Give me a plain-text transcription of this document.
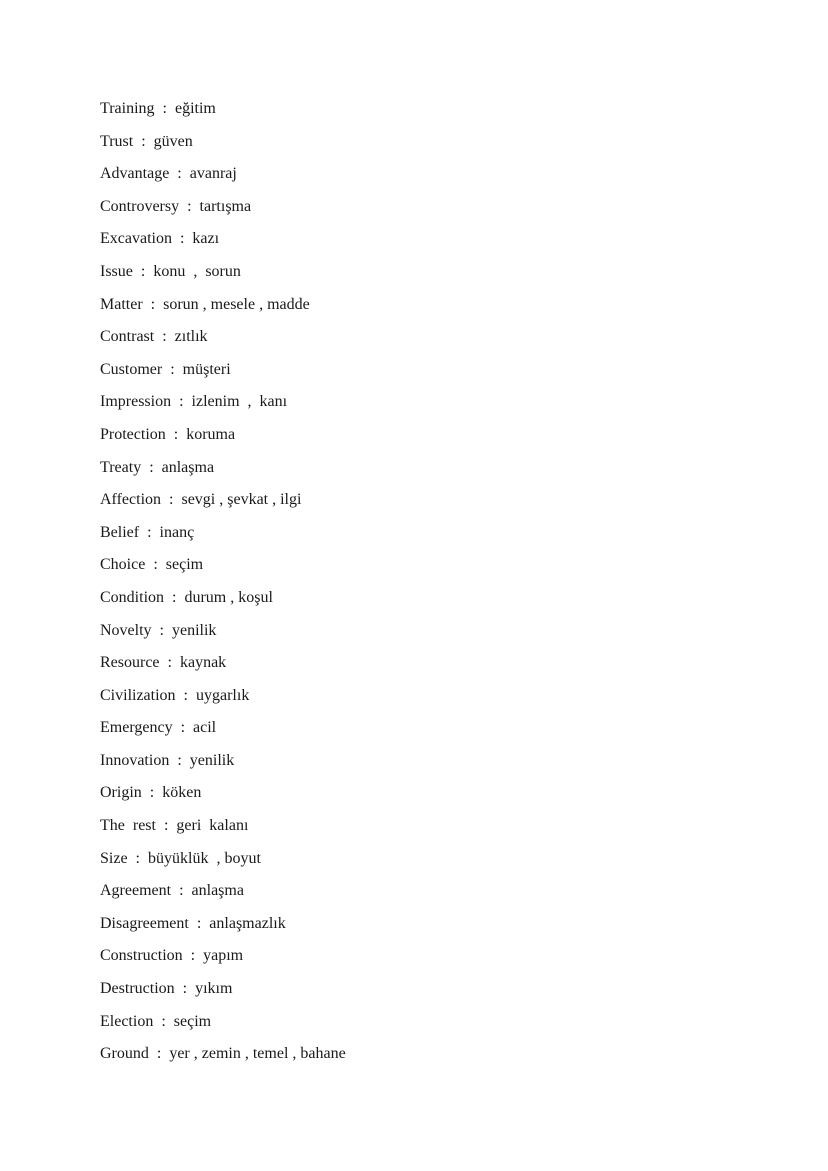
Training  :  eğitim
Trust  :  güven
Advantage  :  avanraj
Controversy  :  tartışma
Excavation  :  kazı
Issue  :  konu  ,  sorun
Matter  :  sorun , mesele , madde
Contrast  :  zıtlık
Customer  :  müşteri
Impression  :  izlenim  ,  kanı
Protection  :  koruma
Treaty  :  anlaşma
Affection  :  sevgi , şevkat , ilgi
Belief  :  inanç
Choice  :  seçim
Condition  :  durum , koşul
Novelty  :  yenilik
Resource  :  kaynak
Civilization  :  uygarlık
Emergency  :  acil
Innovation  :  yenilik
Origin  :  köken
The  rest  :  geri  kalanı
Size  :  büyüklük  , boyut
Agreement  :  anlaşma
Disagreement  :  anlaşmazlık
Construction  :  yapım
Destruction  :  yıkım
Election  :  seçim
Ground  :  yer , zemin , temel , bahane
